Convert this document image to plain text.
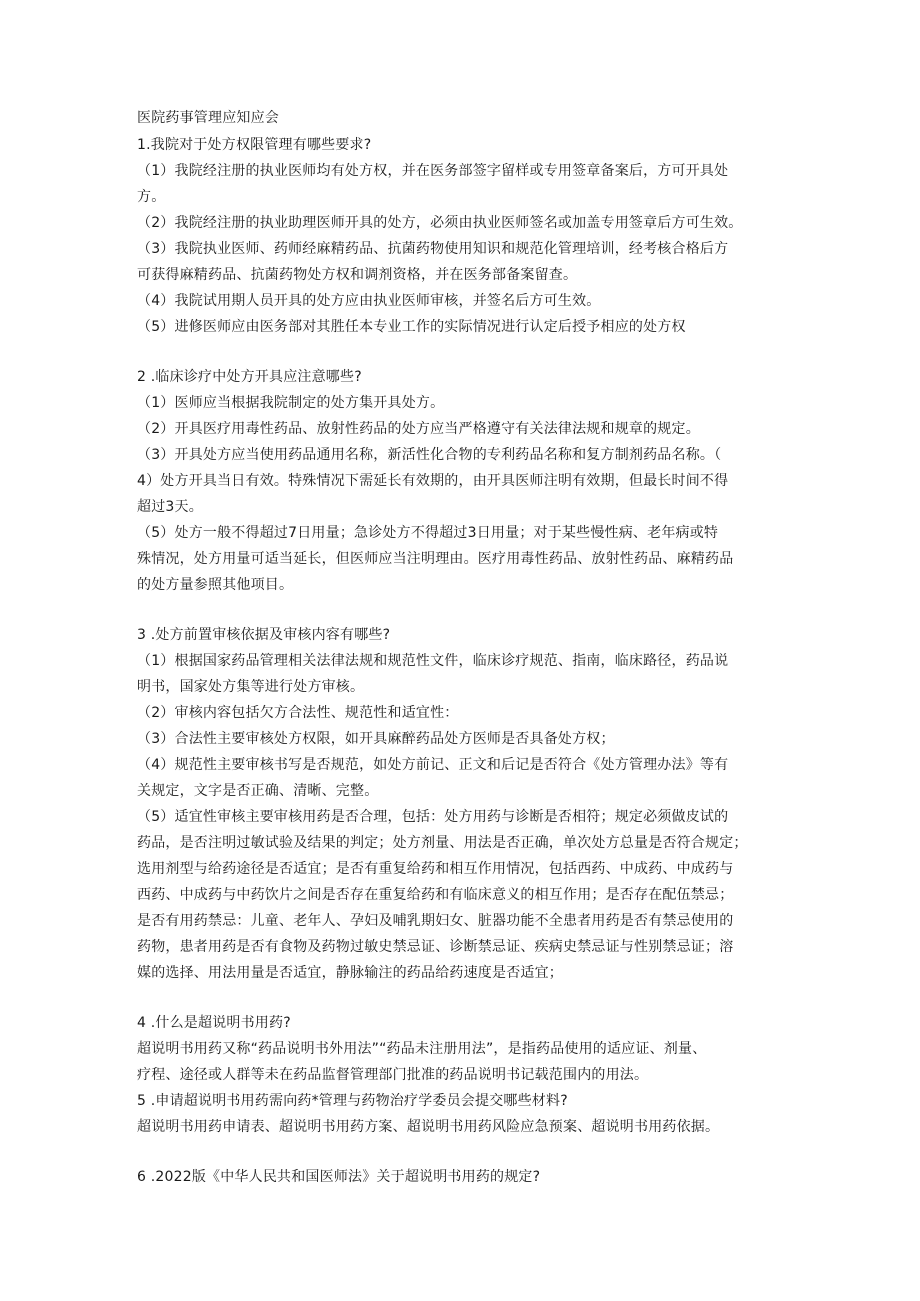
医院药事管理应知应会
1.我院对于处方权限管理有哪些要求?
（1）我院经注册的执业医师均有处方权，并在医务部签字留样或专用签章备案后，方可开具处
方。
（2）我院经注册的执业助理医师开具的处方，必须由执业医师签名或加盖专用签章后方可生效。
（3）我院执业医师、药师经麻精药品、抗菌药物使用知识和规范化管理培训，经考核合格后方
可获得麻精药品、抗菌药物处方权和调剂资格，并在医务部备案留查。
（4）我院试用期人员开具的处方应由执业医师审核，并签名后方可生效。
（5）进修医师应由医务部对其胜任本专业工作的实际情况进行认定后授予相应的处方权
2 .临床诊疗中处方开具应注意哪些?
（1）医师应当根据我院制定的处方集开具处方。
（2）开具医疗用毒性药品、放射性药品的处方应当严格遵守有关法律法规和规章的规定。
（3）开具处方应当使用药品通用名称，新活性化合物的专利药品名称和复方制剂药品名称。（
4）处方开具当日有效。特殊情况下需延长有效期的，由开具医师注明有效期，但最长时间不得
超过3天。
（5）处方一般不得超过7日用量；急诊处方不得超过3日用量；对于某些慢性病、老年病或特
殊情况，处方用量可适当延长，但医师应当注明理由。医疗用毒性药品、放射性药品、麻精药品
的处方量参照其他项目。
3 .处方前置审核依据及审核内容有哪些?
（1）根据国家药品管理相关法律法规和规范性文件，临床诊疗规范、指南，临床路径，药品说
明书，国家处方集等进行处方审核。
（2）审核内容包括欠方合法性、规范性和适宜性：
（3）合法性主要审核处方权限，如开具麻醉药品处方医师是否具备处方权；
（4）规范性主要审核书写是否规范，如处方前记、正文和后记是否符合《处方管理办法》等有
关规定，文字是否正确、清晰、完整。
（5）适宜性审核主要审核用药是否合理，包括：处方用药与诊断是否相符；规定必须做皮试的
药品，是否注明过敏试验及结果的判定；处方剂量、用法是否正确，单次处方总量是否符合规定；
选用剂型与给药途径是否适宜；是否有重复给药和相互作用情况，包括西药、中成药、中成药与
西药、中成药与中药饮片之间是否存在重复给药和有临床意义的相互作用；是否存在配伍禁忌；
是否有用药禁忌：儿童、老年人、孕妇及哺乳期妇女、脏器功能不全患者用药是否有禁忌使用的
药物，患者用药是否有食物及药物过敏史禁忌证、诊断禁忌证、疾病史禁忌证与性别禁忌证；溶
媒的选择、用法用量是否适宜，静脉输注的药品给药速度是否适宜；
4 .什么是超说明书用药?
超说明书用药又称“药品说明书外用法”“药品未注册用法”，是指药品使用的适应证、剂量、
疗程、途径或人群等未在药品监督管理部门批准的药品说明书记载范围内的用法。
5 .申请超说明书用药需向药*管理与药物治疗学委员会提交哪些材料?
超说明书用药申请表、超说明书用药方案、超说明书用药风险应急预案、超说明书用药依据。
6 .2022版《中华人民共和国医师法》关于超说明书用药的规定?
